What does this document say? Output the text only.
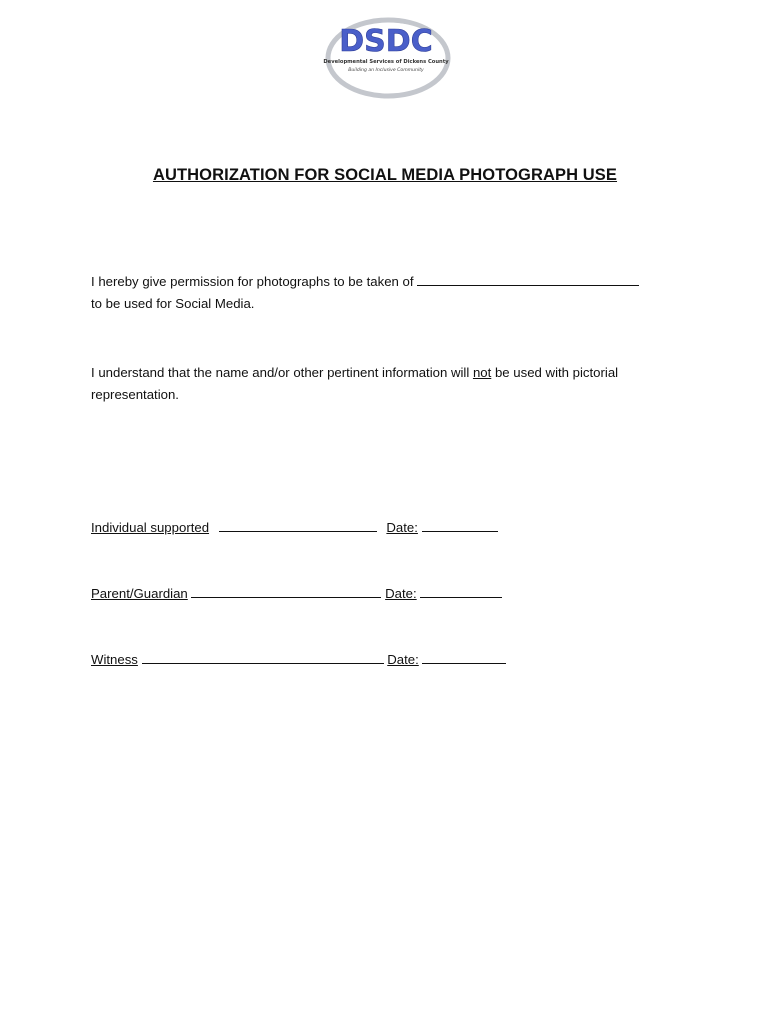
DSDC
Developmental Services of Dickens County
Building an Inclusive Community
AUTHORIZATION FOR SOCIAL MEDIA PHOTOGRAPH USE
I hereby give permission for photographs to be taken of
to be used for Social Media.
I understand that the name and/or other pertinent information will not be used with pictorial representation.
Individual supported	Date:
Parent/Guardian	Date:
Witness	Date:
